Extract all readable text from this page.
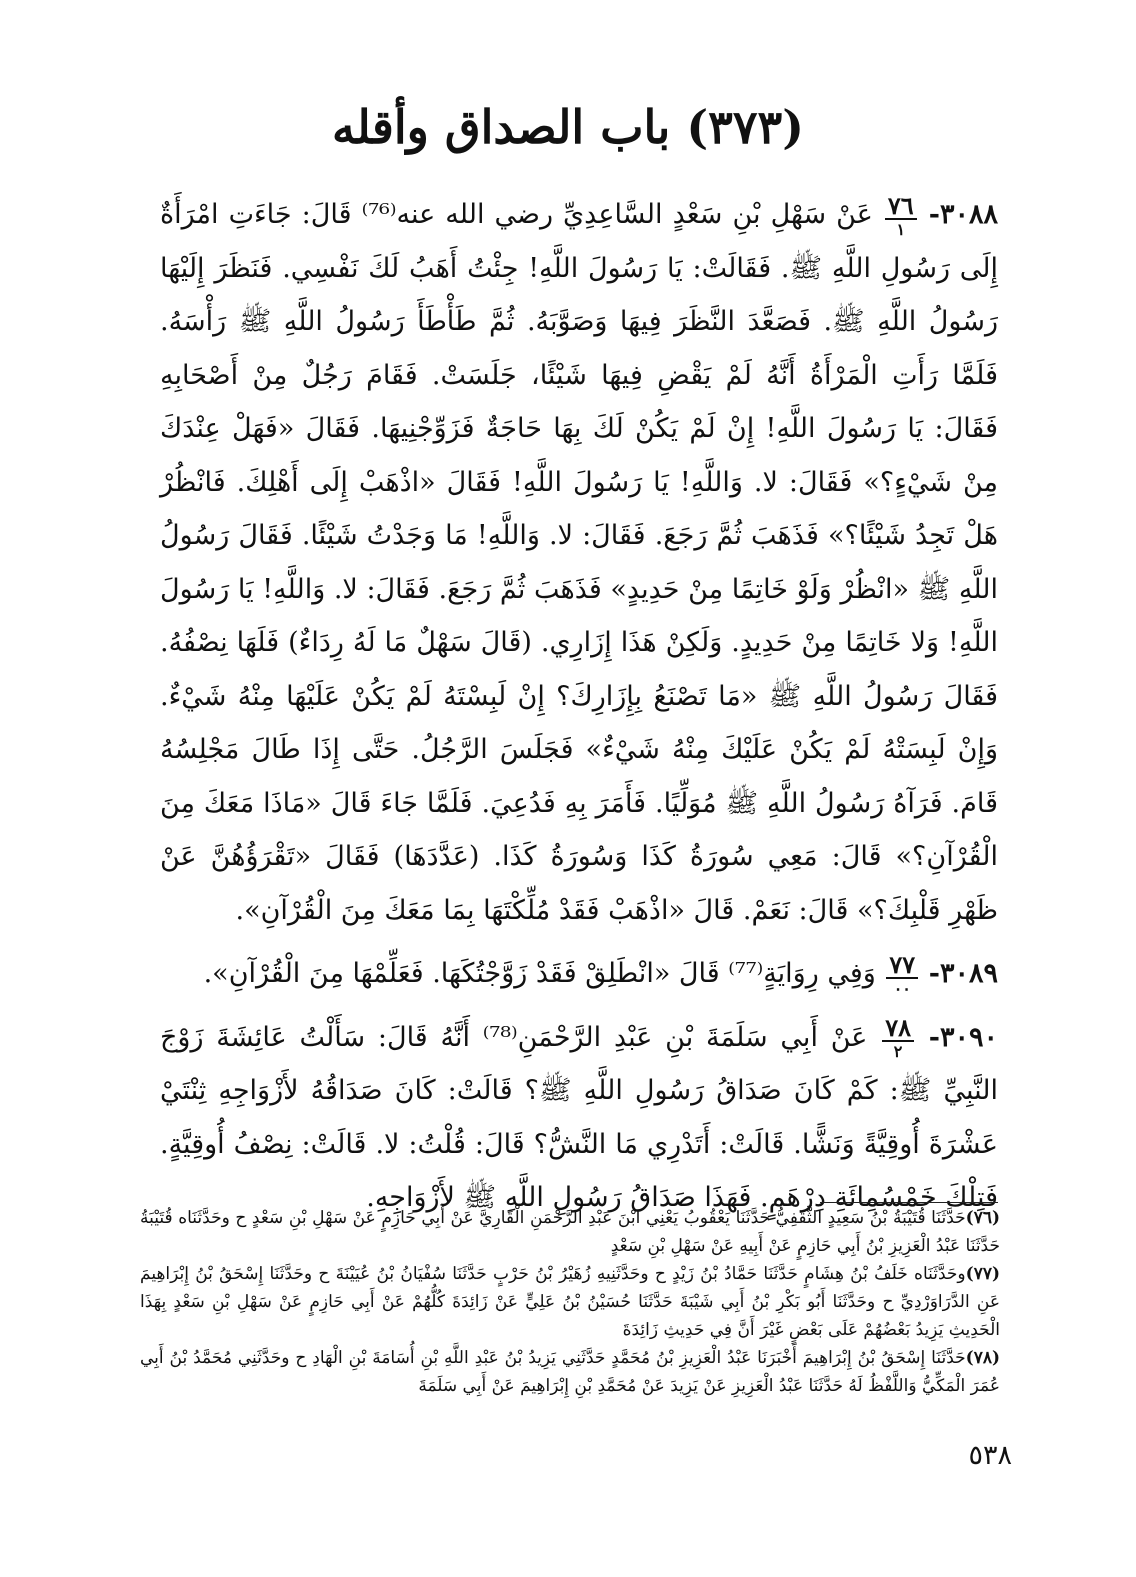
(٣٧٣) باب الصداق وأقله

٣٠٨٨-
$\frac{٧٦}{١}$
عَنْ سَهْلِ بْنِ سَعْدٍ السَّاعِدِيِّ رضي الله عنه⁽⁷⁶⁾ قَالَ: جَاءَتِ امْرَأَةٌ إِلَى رَسُولِ اللَّهِ ﷺ. فَقَالَتْ: يَا رَسُولَ اللَّهِ! جِئْتُ أَهَبُ لَكَ نَفْسِي. فَنَظَرَ إِلَيْهَا رَسُولُ اللَّهِ ﷺ. فَصَعَّدَ النَّظَرَ فِيهَا وَصَوَّبَهُ. ثُمَّ طَأْطَأَ رَسُولُ اللَّهِ ﷺ رَأْسَهُ. فَلَمَّا رَأَتِ الْمَرْأَةُ أَنَّهُ لَمْ يَقْضِ فِيهَا شَيْئًا، جَلَسَتْ. فَقَامَ رَجُلٌ مِنْ أَصْحَابِهِ فَقَالَ: يَا رَسُولَ اللَّهِ! إِنْ لَمْ يَكُنْ لَكَ بِهَا حَاجَةٌ فَزَوِّجْنِيهَا. فَقَالَ «فَهَلْ عِنْدَكَ مِنْ شَيْءٍ؟» فَقَالَ: لا. وَاللَّهِ! يَا رَسُولَ اللَّهِ! فَقَالَ «اذْهَبْ إِلَى أَهْلِكَ. فَانْظُرْ هَلْ تَجِدُ شَيْئًا؟» فَذَهَبَ ثُمَّ رَجَعَ. فَقَالَ: لا. وَاللَّهِ! مَا وَجَدْتُ شَيْئًا. فَقَالَ رَسُولُ اللَّهِ ﷺ «انْظُرْ وَلَوْ خَاتِمًا مِنْ حَدِيدٍ» فَذَهَبَ ثُمَّ رَجَعَ. فَقَالَ: لا. وَاللَّهِ! يَا رَسُولَ اللَّهِ! وَلا خَاتِمًا مِنْ حَدِيدٍ. وَلَكِنْ هَذَا إِزَارِي. (قَالَ سَهْلٌ مَا لَهُ رِدَاءٌ) فَلَهَا نِصْفُهُ. فَقَالَ رَسُولُ اللَّهِ ﷺ «مَا تَصْنَعُ بِإِزَارِكَ؟ إِنْ لَبِسْتَهُ لَمْ يَكُنْ عَلَيْهَا مِنْهُ شَيْءٌ. وَإِنْ لَبِسَتْهُ لَمْ يَكُنْ عَلَيْكَ مِنْهُ شَيْءٌ» فَجَلَسَ الرَّجُلُ. حَتَّى إِذَا طَالَ مَجْلِسُهُ قَامَ. فَرَآهُ رَسُولُ اللَّهِ ﷺ مُوَلِّيًا. فَأَمَرَ بِهِ فَدُعِيَ. فَلَمَّا جَاءَ قَالَ «مَاذَا مَعَكَ مِنَ الْقُرْآنِ؟» قَالَ: مَعِي سُورَةُ كَذَا وَسُورَةُ كَذَا. (عَدَّدَهَا) فَقَالَ «تَقْرَؤُهُنَّ عَنْ ظَهْرِ قَلْبِكَ؟» قَالَ: نَعَمْ. قَالَ «اذْهَبْ فَقَدْ مُلِّكْتَهَا بِمَا مَعَكَ مِنَ الْقُرْآنِ».

٣٠٨٩-
$\frac{٧٧}{٠٠}$
وَفِي رِوَايَةٍ⁽⁷⁷⁾ قَالَ «انْطَلِقْ فَقَدْ زَوَّجْتُكَهَا. فَعَلِّمْهَا مِنَ الْقُرْآنِ».

٣٠٩٠-
$\frac{٧٨}{٢}$
عَنْ أَبِي سَلَمَةَ بْنِ عَبْدِ الرَّحْمَنِ⁽⁷⁸⁾ أَنَّهُ قَالَ: سَأَلْتُ عَائِشَةَ زَوْجَ النَّبِيِّ ﷺ: كَمْ كَانَ صَدَاقُ رَسُولِ اللَّهِ ﷺ؟ قَالَتْ: كَانَ صَدَاقُهُ لأَزْوَاجِهِ ثِنْتَيْ عَشْرَةَ أُوقِيَّةً وَنَشًّا. قَالَتْ: أَتَدْرِي مَا النَّشُّ؟ قَالَ: قُلْتُ: لا. قَالَتْ: نِصْفُ أُوقِيَّةٍ. فَتِلْكَ خَمْسُمِائَةِ دِرْهَمٍ. فَهَذَا صَدَاقُ رَسُولِ اللَّهِ ﷺ لأَزْوَاجِهِ.

(٧٦)حَدَّثَنَا قُتَيْبَةُ بْنُ سَعِيدٍ الثَّقَفِيُّ حَدَّثَنَا يَعْقُوبُ يَعْنِي ابْنَ عَبْدِ الرَّحْمَنِ الْقَارِيَّ عَنْ أَبِي حَازِمٍ عَنْ سَهْلِ بْنِ سَعْدٍ ح وحَدَّثَنَاه قُتَيْبَةُ حَدَّثَنَا عَبْدُ الْعَزِيزِ بْنُ أَبِي حَازِمٍ عَنْ أَبِيهِ عَنْ سَهْلِ بْنِ سَعْدٍ

(٧٧)وحَدَّثَنَاه خَلَفُ بْنُ هِشَامٍ حَدَّثَنَا حَمَّادُ بْنُ زَيْدٍ ح وحَدَّثَنِيهِ زُهَيْرُ بْنُ حَرْبٍ حَدَّثَنَا سُفْيَانُ بْنُ عُيَيْنَةَ ح وحَدَّثَنَا إِسْحَقُ بْنُ إِبْرَاهِيمَ عَنِ الدَّرَاوَرْدِيِّ ح وحَدَّثَنَا أَبُو بَكْرِ بْنُ أَبِي شَيْبَةَ حَدَّثَنَا حُسَيْنُ بْنُ عَلِيٍّ عَنْ زَائِدَةَ كُلُّهُمْ عَنْ أَبِي حَازِمٍ عَنْ سَهْلِ بْنِ سَعْدٍ بِهَذَا الْحَدِيثِ يَزِيدُ بَعْضُهُمْ عَلَى بَعْضٍ غَيْرَ أَنَّ فِي حَدِيثِ زَائِدَةَ

(٧٨)حَدَّثَنَا إِسْحَقُ بْنُ إِبْرَاهِيمَ أَخْبَرَنَا عَبْدُ الْعَزِيزِ بْنُ مُحَمَّدٍ حَدَّثَنِي يَزِيدُ بْنُ عَبْدِ اللَّهِ بْنِ أُسَامَةَ بْنِ الْهَادِ ح وحَدَّثَنِي مُحَمَّدُ بْنُ أَبِي عُمَرَ الْمَكِّيُّ وَاللَّفْظُ لَهُ حَدَّثَنَا عَبْدُ الْعَزِيزِ عَنْ يَزِيدَ عَنْ مُحَمَّدِ بْنِ إِبْرَاهِيمَ عَنْ أَبِي سَلَمَةَ

٥٣٨
